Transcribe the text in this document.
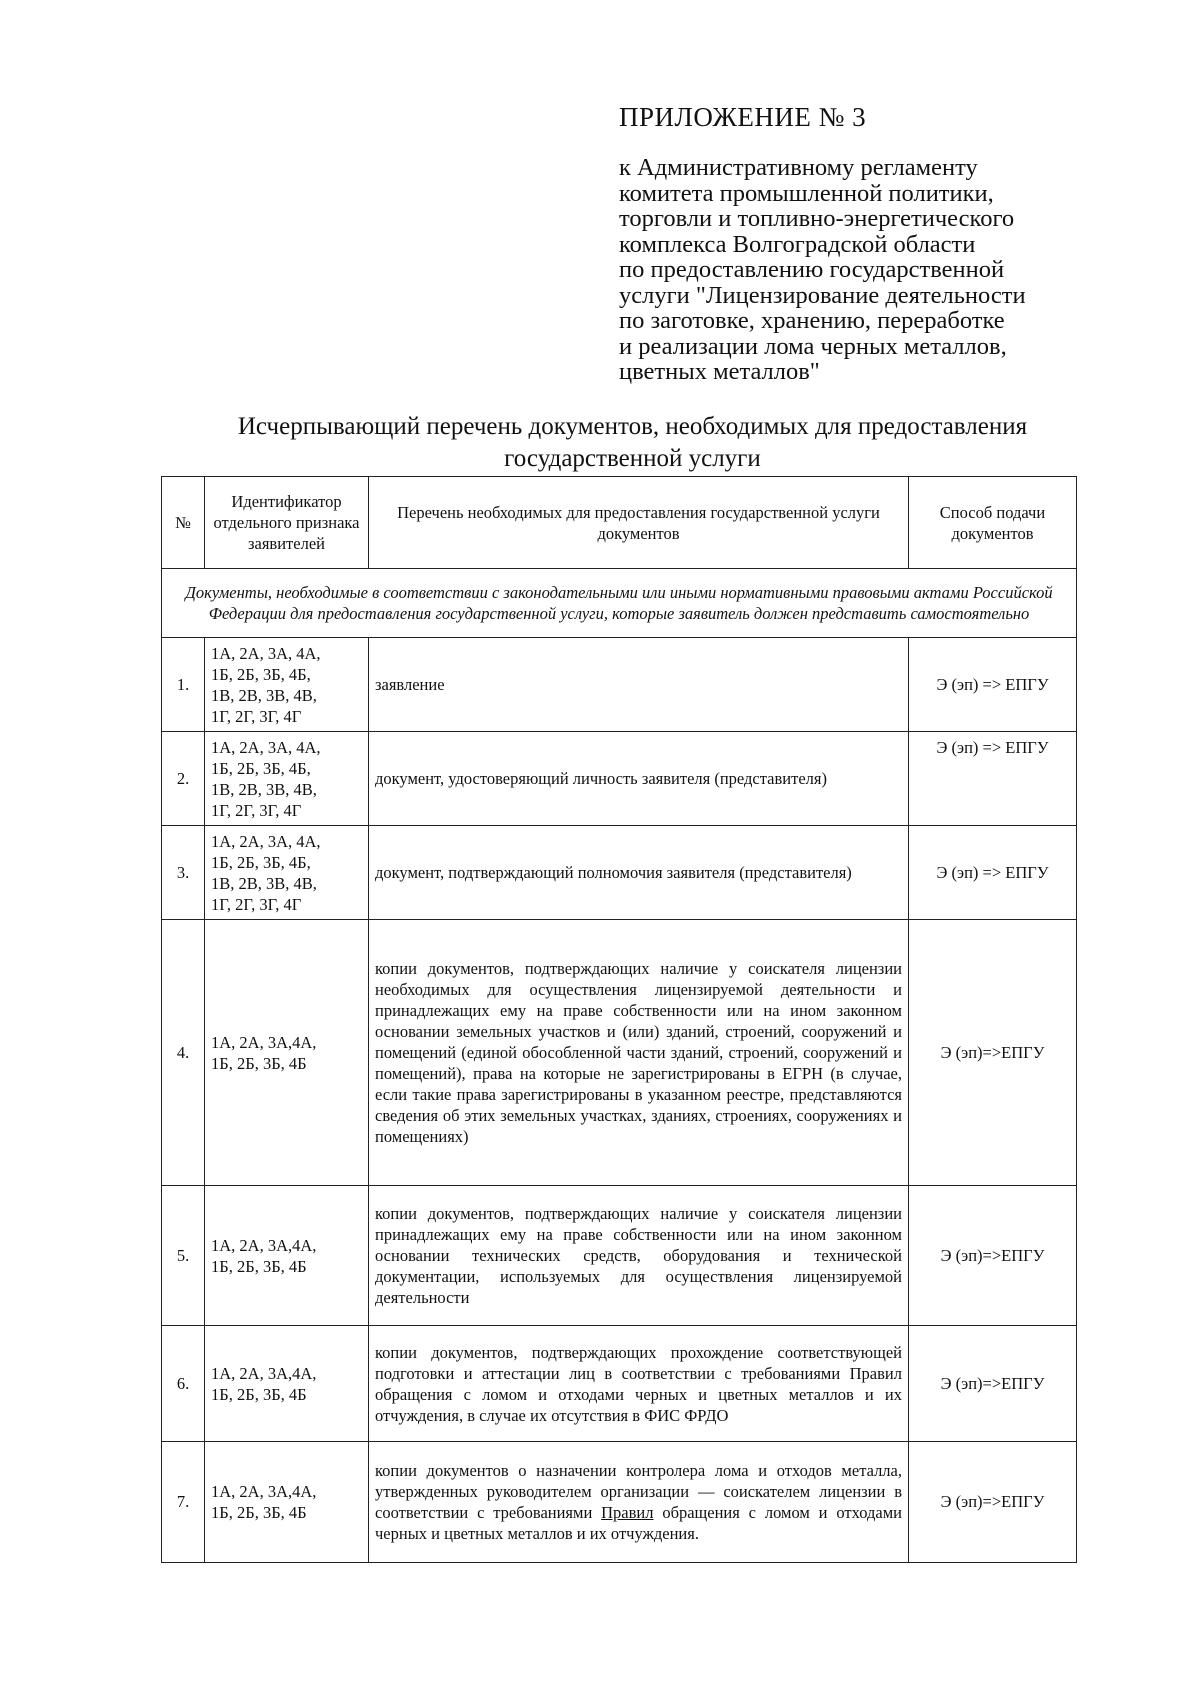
ПРИЛОЖЕНИЕ № 3
к Административному регламенту
комитета промышленной политики,
торговли и топливно-энергетического
комплекса Волгоградской области
по предоставлению государственной
услуги "Лицензирование деятельности
по заготовке, хранению, переработке
и реализации лома черных металлов,
цветных металлов"
Исчерпывающий перечень документов, необходимых для предоставления
государственной услуги
№	Идентификатор отдельного признака заявителей	Перечень необходимых для предоставления государственной услуги документов	Способ подачи документов
Документы, необходимые в соответствии с законодательными или иными нормативными правовыми актами Российской Федерации для предоставления государственной услуги, которые заявитель должен представить самостоятельно			
1.	1А, 2А, 3А, 4А,
1Б, 2Б, 3Б, 4Б,
1В, 2В, 3В, 4В,
1Г, 2Г, 3Г, 4Г	заявление	Э (эп) => ЕПГУ
2.	1А, 2А, 3А, 4А,
1Б, 2Б, 3Б, 4Б,
1В, 2В, 3В, 4В,
1Г, 2Г, 3Г, 4Г	документ, удостоверяющий личность заявителя (представителя)	Э (эп) => ЕПГУ
3.	1А, 2А, 3А, 4А,
1Б, 2Б, 3Б, 4Б,
1В, 2В, 3В, 4В,
1Г, 2Г, 3Г, 4Г	документ, подтверждающий полномочия заявителя (представителя)	Э (эп) => ЕПГУ
4.	1А, 2А, 3А,4А,
1Б, 2Б, 3Б, 4Б	копии документов, подтверждающих наличие у соискателя лицензии необходимых для осуществления лицензируемой деятельности и принадлежащих ему на праве собственности или на ином законном основании земельных участков и (или) зданий, строений, сооружений и помещений (единой обособленной части зданий, строений, сооружений и помещений), права на которые не зарегистрированы в ЕГРН (в случае, если такие права зарегистрированы в указанном реестре, представляются сведения об этих земельных участках, зданиях, строениях, сооружениях и помещениях)	Э (эп)=>ЕПГУ
5.	1А, 2А, 3А,4А,
1Б, 2Б, 3Б, 4Б	копии документов, подтверждающих наличие у соискателя лицензии принадлежащих ему на праве собственности или на ином законном основании технических средств, оборудования и технической документации, используемых для осуществления лицензируемой деятельности	Э (эп)=>ЕПГУ
6.	1А, 2А, 3А,4А,
1Б, 2Б, 3Б, 4Б	копии документов, подтверждающих прохождение соответствующей подготовки и аттестации лиц в соответствии с требованиями Правил обращения с ломом и отходами черных и цветных металлов и их отчуждения, в случае их отсутствия в ФИС ФРДО	Э (эп)=>ЕПГУ
7.	1А, 2А, 3А,4А,
1Б, 2Б, 3Б, 4Б	копии документов о назначении контролера лома и отходов металла, утвержденных руководителем организации — соискателем лицензии в соответствии с требованиями Правил обращения с ломом и отходами черных и цветных металлов и их отчуждения.	Э (эп)=>ЕПГУ
